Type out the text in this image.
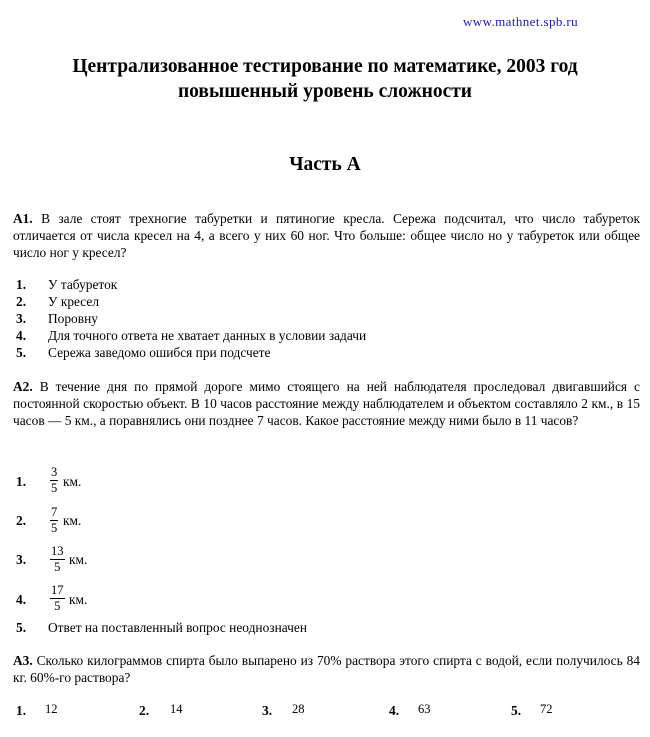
www.mathnet.spb.ru
Централизованное тестирование по математике, 2003 год
повышенный уровень сложности
Часть А
А1. В зале стоят трехногие табуретки и пятиногие кресла. Сережа подсчитал, что число табуреток отличается от числа кресел на 4, а всего у них 60 ног. Что больше: общее число но у табуреток или общее число ног у кресел?
1. У табуреток
2. У кресел
3. Поровну
4. Для точного ответа не хватает данных в условии задачи
5. Сережа заведомо ошибся при подсчете
А2. В течение дня по прямой дороге мимо стоящего на ней наблюдателя проследовал двигавшийся с постоянной скоростью объект. В 10 часов расстояние между наблюдателем и объектом составляло 2 км., в 15 часов — 5 км., а поравнялись они позднее 7 часов. Какое расстояние между ними было в 11 часов?
1. $\frac{3}{5}$ км.
2. $\frac{7}{5}$ км.
3. $\frac{13}{5}$ км.
4. $\frac{17}{5}$ км.
5. Ответ на поставленный вопрос неоднозначен
А3. Сколько килограммов спирта было выпарено из 70% раствора этого спирта с водой, если получилось 84 кг. 60%-го раствора?
1. 12	2. 14	3. 28	4. 63	5. 72
